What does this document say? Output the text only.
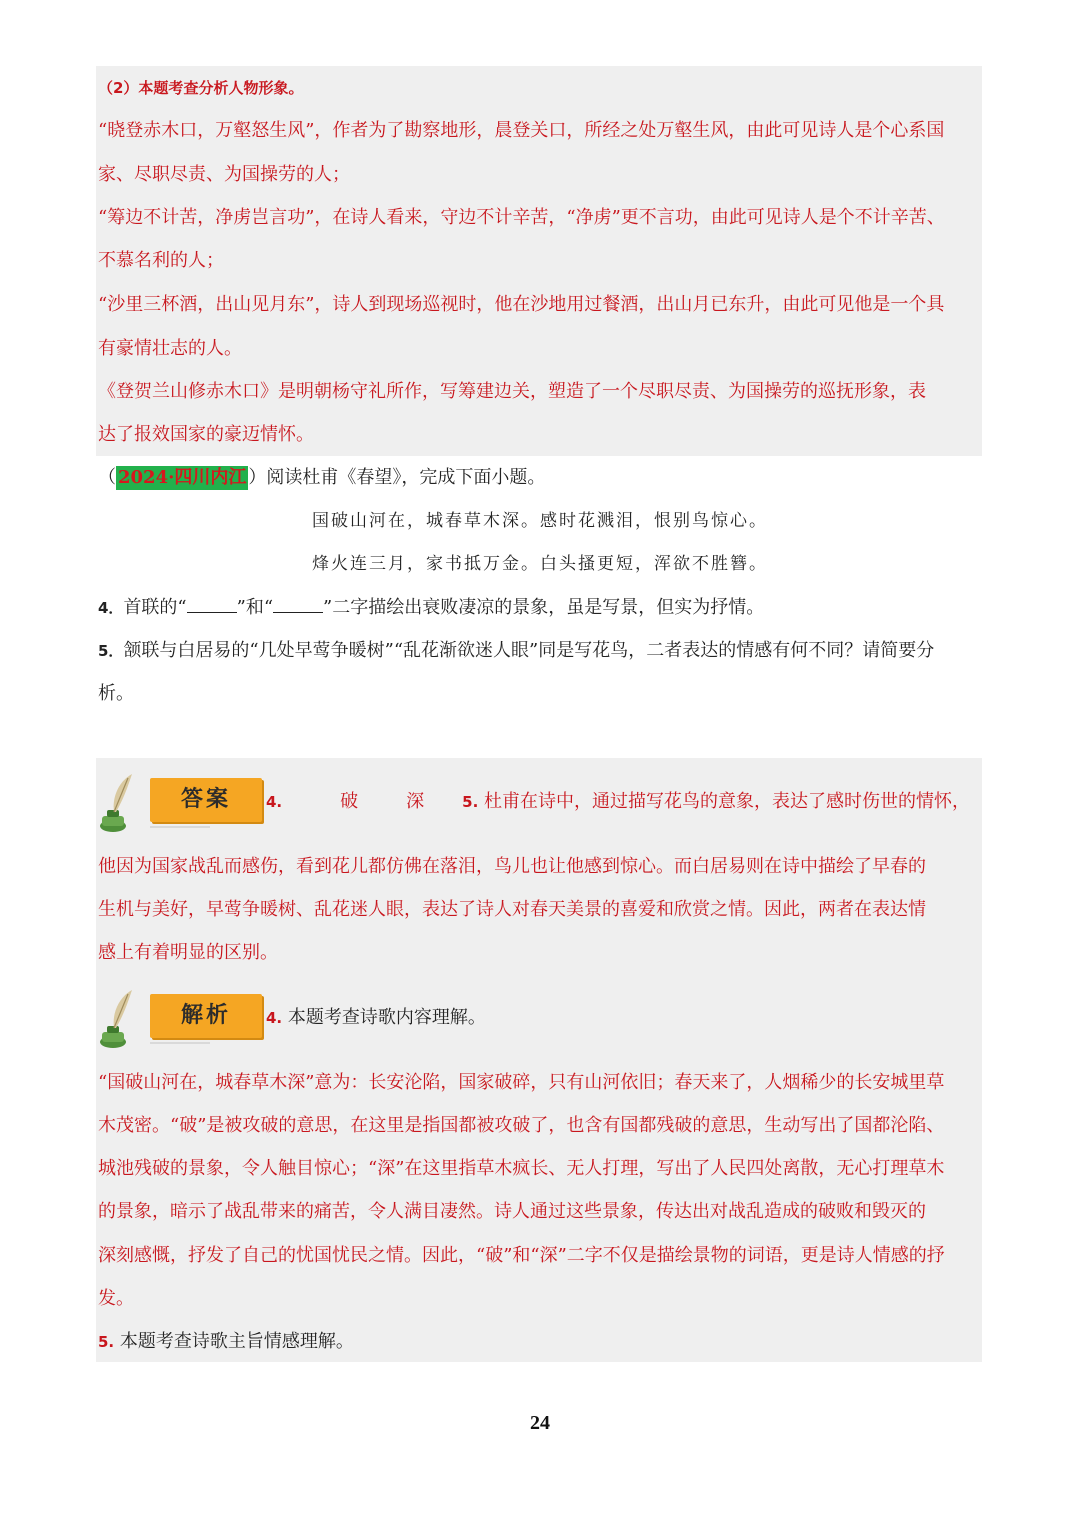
（2）本题考查分析人物形象。
“晓登赤木口，万壑怒生风”，作者为了勘察地形，晨登关口，所经之处万壑生风，由此可见诗人是个心系国
家、尽职尽责、为国操劳的人；
“筹边不计苦，净虏岂言功”，在诗人看来，守边不计辛苦，“净虏”更不言功，由此可见诗人是个不计辛苦、
不慕名利的人；
“沙里三杯酒，出山见月东”，诗人到现场巡视时，他在沙地用过餐酒，出山月已东升，由此可见他是一个具
有豪情壮志的人。
《登贺兰山修赤木口》是明朝杨守礼所作，写筹建边关，塑造了一个尽职尽责、为国操劳的巡抚形象，表
达了报效国家的豪迈情怀。
（ 2024·四川内江 ）阅读杜甫《春望》，完成下面小题。
国破山河在，城春草木深。感时花溅泪，恨别鸟惊心。
烽火连三月，家书抵万金。白头搔更短，浑欲不胜簪。
4．首联的“	”和“	”二字描绘出衰败凄凉的景象，虽是写景，但实为抒情。
5．颔联与白居易的“几处早莺争暖树”“乱花渐欲迷人眼”同是写花鸟，二者表达的情感有何不同？请简要分
析。
答案	4.	破	深	5. 杜甫在诗中，通过描写花鸟的意象，表达了感时伤世的情怀，
他因为国家战乱而感伤，看到花儿都仿佛在落泪，鸟儿也让他感到惊心。而白居易则在诗中描绘了早春的
生机与美好，早莺争暖树、乱花迷人眼，表达了诗人对春天美景的喜爱和欣赏之情。因此，两者在表达情
感上有着明显的区别。
解析	4. 本题考查诗歌内容理解。
“国破山河在，城春草木深”意为：长安沦陷，国家破碎，只有山河依旧；春天来了，人烟稀少的长安城里草
木茂密。“破”是被攻破的意思，在这里是指国都被攻破了，也含有国都残破的意思，生动写出了国都沦陷、
城池残破的景象，令人触目惊心；“深”在这里指草木疯长、无人打理，写出了人民四处离散，无心打理草木
的景象，暗示了战乱带来的痛苦，令人满目凄然。诗人通过这些景象，传达出对战乱造成的破败和毁灭的
深刻感慨，抒发了自己的忧国忧民之情。因此，“破”和“深”二字不仅是描绘景物的词语，更是诗人情感的抒
发。
5. 本题考查诗歌主旨情感理解。
24
